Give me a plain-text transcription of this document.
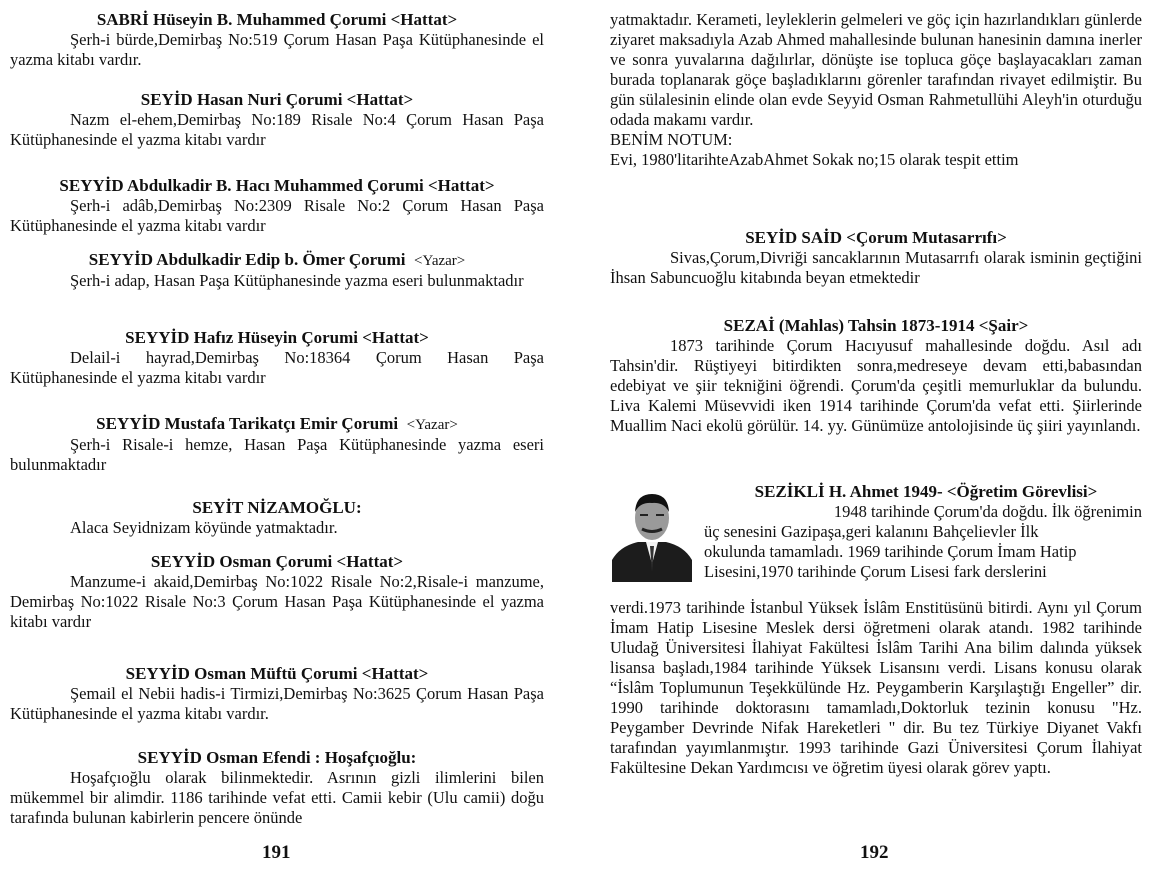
SABRİ Hüseyin B. Muhammed Çorumi <Hattat>

Şerh-i bürde,Demirbaş No:519 Çorum Hasan Paşa Kütüphanesinde el yazma kitabı vardır.

SEYİD Hasan Nuri Çorumi <Hattat>

Nazm el-ehem,Demirbaş No:189 Risale No:4 Çorum Hasan Paşa Kütüphanesinde el yazma kitabı vardır

SEYYİD Abdulkadir B. Hacı Muhammed Çorumi <Hattat>

Şerh-i adâb,Demirbaş No:2309 Risale No:2 Çorum Hasan Paşa Kütüphanesinde el yazma kitabı vardır

SEYYİD Abdulkadir Edip b. Ömer Çorumi <Yazar>

Şerh-i adap, Hasan Paşa Kütüphanesinde yazma eseri bulunmaktadır

SEYYİD Hafız Hüseyin Çorumi <Hattat>

Delail-i hayrad,Demirbaş No:18364 Çorum Hasan Paşa Kütüphanesinde el yazma kitabı vardır

SEYYİD Mustafa Tarikatçı Emir Çorumi <Yazar>

Şerh-i Risale-i hemze, Hasan Paşa Kütüphanesinde yazma eseri bulunmaktadır

SEYİT NİZAMOĞLU:

Alaca Seyidnizam köyünde yatmaktadır.

SEYYİD Osman Çorumi <Hattat>

Manzume-i akaid,Demirbaş No:1022 Risale No:2,Risale-i manzume, Demirbaş No:1022 Risale No:3 Çorum Hasan Paşa Kütüphanesinde el yazma kitabı vardır

SEYYİD Osman Müftü Çorumi <Hattat>

Şemail el Nebii hadis-i Tirmizi,Demirbaş No:3625 Çorum Hasan Paşa Kütüphanesinde el yazma kitabı vardır.

SEYYİD Osman Efendi : Hoşafçıoğlu:

Hoşafçıoğlu olarak bilinmektedir. Asrının gizli ilimlerini bilen mükemmel bir alimdir. 1186 tarihinde vefat etti. Camii kebir (Ulu camii) doğu tarafında bulunan kabirlerin pencere önünde

191

yatmaktadır. Kerameti, leyleklerin gelmeleri ve göç için hazırlandıkları günlerde ziyaret maksadıyla Azab Ahmed mahallesinde bulunan hanesinin damına inerler ve sonra yuvalarına dağılırlar, dönüşte ise topluca göçe başlayacakları zaman burada toplanarak göçe başladıklarını görenler tarafından rivayet edilmiştir. Bu gün sülalesinin elinde olan evde Seyyid Osman Rahmetullühi Aleyh'in oturduğu odada makamı vardır.

BENİM NOTUM:

Evi, 1980'litarihteAzabAhmet Sokak no;15 olarak tespit ettim

SEYİD SAİD <Çorum Mutasarrıfı>

Sivas,Çorum,Divriği sancaklarının Mutasarrıfı olarak isminin geçtiğini İhsan Sabuncuoğlu kitabında beyan etmektedir

SEZAİ (Mahlas) Tahsin 1873-1914 <Şair>

1873 tarihinde Çorum Hacıyusuf mahallesinde doğdu. Asıl adı Tahsin'dir. Rüştiyeyi bitirdikten sonra,medreseye devam etti,babasından edebiyat ve şiir tekniğini öğrendi. Çorum'da çeşitli memurluklar da bulundu. Liva Kalemi Müsevvidi iken 1914 tarihinde Çorum'da vefat etti. Şiirlerinde Muallim Naci ekolü görülür. 14. yy. Günümüze antolojisinde üç şiiri yayınlandı.

SEZİKLİ H. Ahmet 1949- <Öğretim Görevlisi>

1948 tarihinde Çorum'da doğdu. İlk öğrenimin

üç senesini Gazipaşa,geri kalanını Bahçelievler İlk

okulunda tamamladı. 1969 tarihinde Çorum İmam Hatip

Lisesini,1970 tarihinde Çorum Lisesi fark derslerini

verdi.1973 tarihinde İstanbul Yüksek İslâm Enstitüsünü bitirdi. Aynı yıl Çorum İmam Hatip Lisesine Meslek dersi öğretmeni olarak atandı. 1982 tarihinde Uludağ Üniversitesi İlahiyat Fakültesi İslâm Tarihi Ana bilim dalında yüksek lisansa başladı,1984 tarihinde Yüksek Lisansını verdi. Lisans konusu olarak “İslâm Toplumunun Teşekkülünde Hz. Peygamberin Karşılaştığı Engeller” dir. 1990 tarihinde doktorasını tamamladı,Doktorluk tezinin konusu "Hz. Peygamber Devrinde Nifak Hareketleri " dir. Bu tez Türkiye Diyanet Vakfı tarafından yayımlanmıştır. 1993 tarihinde Gazi Üniversitesi Çorum İlahiyat Fakültesine Dekan Yardımcısı ve öğretim üyesi olarak görev yaptı.

192
